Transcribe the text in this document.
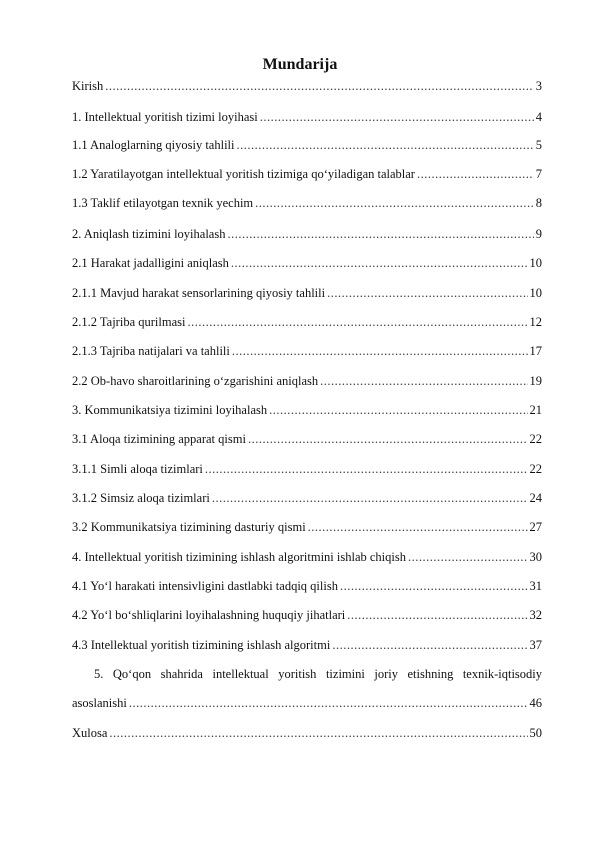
Mundarija
Kirish .....	3
1. Intellektual yoritish tizimi loyihasi .....	4
1.1 Analoglarning qiyosiy tahlili .....	5
1.2 Yaratilayotgan intellektual yoritish tizimiga qo‘yiladigan talablar .....	7
1.3 Taklif etilayotgan texnik yechim .....	8
2. Aniqlash tizimini loyihalash .....	9
2.1 Harakat jadalligini aniqlash .....	10
2.1.1 Mavjud harakat sensorlarining qiyosiy tahlili .....	10
2.1.2 Tajriba qurilmasi .....	12
2.1.3 Tajriba natijalari va tahlili .....	17
2.2 Ob-havo sharoitlarining o‘zgarishini aniqlash .....	19
3. Kommunikatsiya tizimini loyihalash .....	21
3.1 Aloqa tizimining apparat qismi .....	22
3.1.1 Simli aloqa tizimlari .....	22
3.1.2 Simsiz aloqa tizimlari .....	24
3.2 Kommunikatsiya tizimining dasturiy qismi .....	27
4. Intellektual yoritish tizimining ishlash algoritmini ishlab chiqish .....	30
4.1 Yo‘l harakati intensivligini dastlabki tadqiq qilish .....	31
4.2 Yo‘l bo‘shliqlarini loyihalashning huquqiy jihatlari .....	32
4.3 Intellektual yoritish tizimining ishlash algoritmi .....	37
5. Qo‘qon shahrida intellektual yoritish tizimini joriy etishning texnik-iqtisodiy
asoslanishi .....	46
Xulosa .....	50
